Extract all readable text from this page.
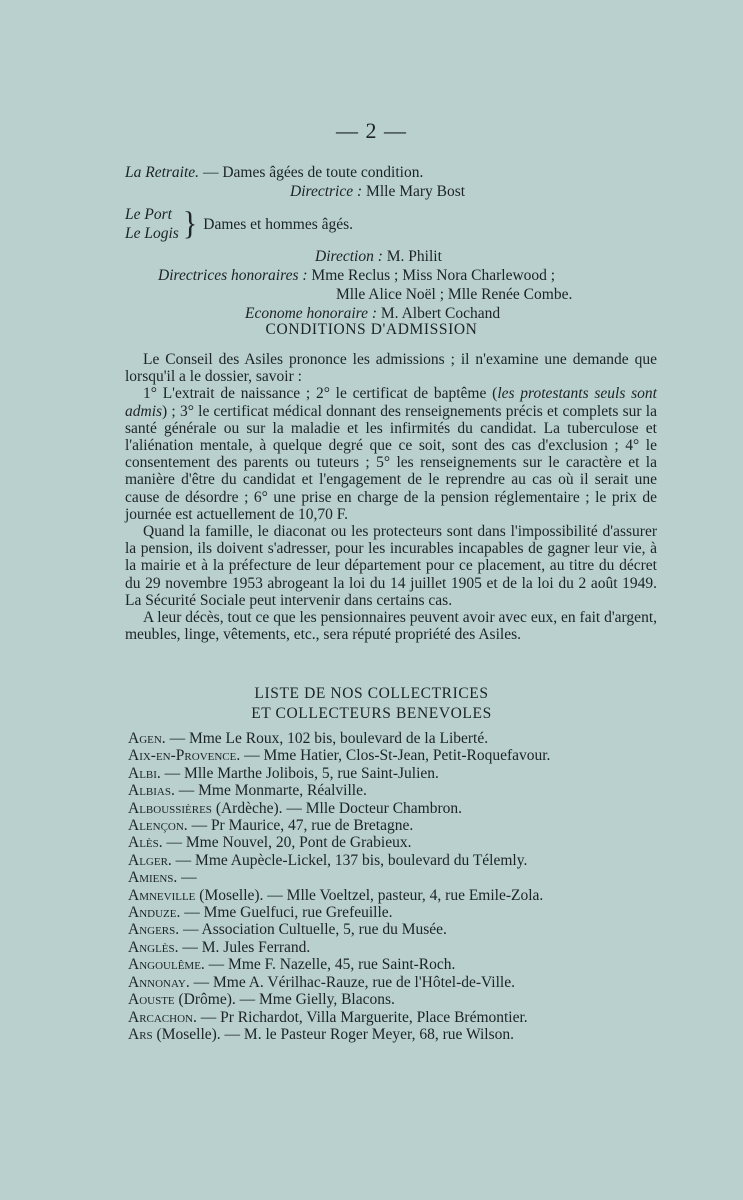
— 2 —
La Retraite. — Dames âgées de toute condition.
Directrice : Mlle Mary Bost
Le Port
Le Logis } Dames et hommes âgés.
Direction : M. Philit
Directrices honoraires : Mme Reclus ; Miss Nora Charlewood ;
Mlle Alice Noël ; Mlle Renée Combe.
Econome honoraire : M. Albert Cochand
CONDITIONS D'ADMISSION

Le Conseil des Asiles prononce les admissions ; il n'examine une demande que lorsqu'il a le dossier, savoir :

1° L'extrait de naissance ; 2° le certificat de baptême (les protestants seuls sont admis) ; 3° le certificat médical donnant des renseignements précis et complets sur la santé générale ou sur la maladie et les infirmités du candidat. La tuberculose et l'aliénation mentale, à quelque degré que ce soit, sont des cas d'exclusion ; 4° le consentement des parents ou tuteurs ; 5° les renseignements sur le caractère et la manière d'être du candidat et l'engagement de le reprendre au cas où il serait une cause de désordre ; 6° une prise en charge de la pension réglementaire ; le prix de journée est actuellement de 10,70 F.

Quand la famille, le diaconat ou les protecteurs sont dans l'impossibilité d'assurer la pension, ils doivent s'adresser, pour les incurables incapables de gagner leur vie, à la mairie et à la préfecture de leur département pour ce placement, au titre du décret du 29 novembre 1953 abrogeant la loi du 14 juillet 1905 et de la loi du 2 août 1949. La Sécurité Sociale peut intervenir dans certains cas.

A leur décès, tout ce que les pensionnaires peuvent avoir avec eux, en fait d'argent, meubles, linge, vêtements, etc., sera réputé propriété des Asiles.

LISTE DE NOS COLLECTRICES
ET COLLECTEURS BENEVOLES
Agen. — Mme Le Roux, 102 bis, boulevard de la Liberté.
Aix-en-Provence. — Mme Hatier, Clos-St-Jean, Petit-Roquefavour.
Albi. — Mlle Marthe Jolibois, 5, rue Saint-Julien.
Albias. — Mme Monmarte, Réalville.
Alboussières (Ardèche). — Mlle Docteur Chambron.
Alençon. — Pr Maurice, 47, rue de Bretagne.
Alès. — Mme Nouvel, 20, Pont de Grabieux.
Alger. — Mme Aupècle-Lickel, 137 bis, boulevard du Télemly.
Amiens. —
Amneville (Moselle). — Mlle Voeltzel, pasteur, 4, rue Emile-Zola.
Anduze. — Mme Guelfuci, rue Grefeuille.
Angers. — Association Cultuelle, 5, rue du Musée.
Anglès. — M. Jules Ferrand.
Angoulême. — Mme F. Nazelle, 45, rue Saint-Roch.
Annonay. — Mme A. Vérilhac-Rauze, rue de l'Hôtel-de-Ville.
Aouste (Drôme). — Mme Gielly, Blacons.
Arcachon. — Pr Richardot, Villa Marguerite, Place Brémontier.
Ars (Moselle). — M. le Pasteur Roger Meyer, 68, rue Wilson.
